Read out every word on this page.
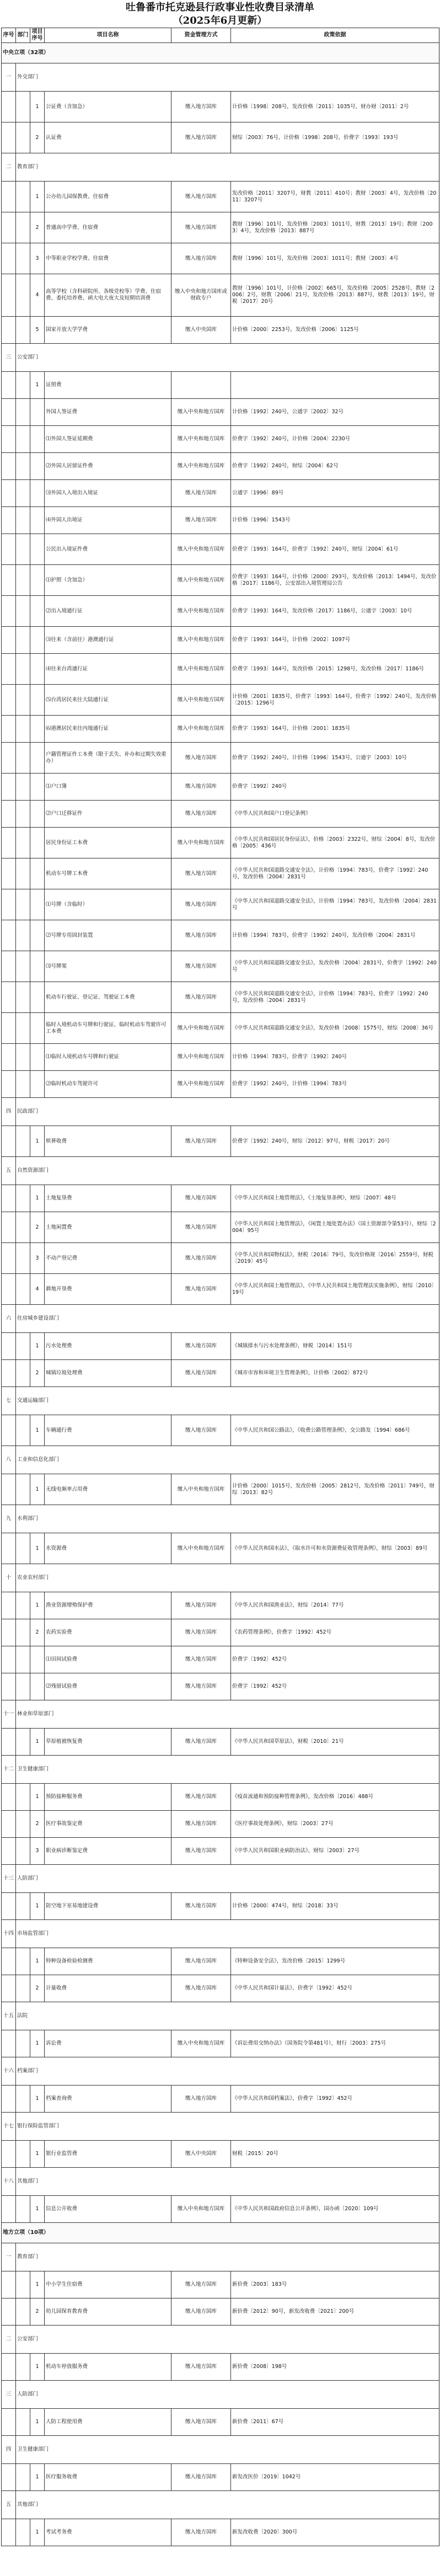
吐鲁番市托克逊县行政事业性收费目录清单
（2025年6月更新）
序号	部门	项目序号	项目名称	资金管理方式	政策依据
中央立项（32项）					
一	外交部门				
		1	公证费（含加急）	缴入地方国库	计价格〔1998〕208号，发改价格〔2011〕1035号，财办财〔2011〕2号
		2	认证费	缴入地方国库	财综〔2003〕76号，计价格〔1998〕208号，价费字〔1993〕193号
二	教育部门				
		1	公办幼儿园保教费、住宿费	缴入地方国库	发改价格〔2011〕3207号，财教〔2011〕410号；教财〔2003〕4号，发改价格〔2011〕3207号
		2	普通高中学费、住宿费	缴入地方国库	教财〔1996〕101号，发改价格〔2003〕1011号，财教〔2013〕19号；教财〔2003〕4号，发改价格〔2013〕887号
		3	中等职业学校学费、住宿费	缴入地方国库	教财〔1996〕101号，发改价格〔2003〕1011号；教财〔2003〕4号
		4	高等学校（含科研院所、各级党校等）学费、住宿费、委托培养费、函大电大夜大及短期培训费	缴入中央和地方国库或财政专户	教财〔1996〕101号，计价格〔2002〕665号，发改价格〔2005〕2528号，教财〔2006〕2号，财教〔2006〕21号，发改价格〔2013〕887号，财教〔2013〕19号，财税〔2017〕20号
		5	国家开放大学学费	缴入中央国库	计价格〔2000〕2253号，发改价格〔2006〕1125号
三	公安部门				
		1	证照费		
			外国人签证费	缴入中央和地方国库	计价格〔1992〕240号，公通字〔2002〕32号
			⑴外国人签证延期费	缴入中央和地方国库	价费字〔1992〕240号，计价格〔2004〕2230号
			⑵外国人居留证件费	缴入中央和地方国库	价费字〔1992〕240号，财综〔2004〕62号
			⑶外国人入境出入境证	缴入地方国库	公通字〔1996〕89号
			⑷外国人出境证	缴入地方国库	计价格〔1996〕1543号
			公民出入境证件费	缴入中央和地方国库	价费字〔1993〕164号，价费字〔1992〕240号，财综〔2004〕61号
			⑴护照（含加急）	缴入中央和地方国库	价费字〔1993〕164号，计价格〔2000〕293号，发改价格〔2013〕1494号，发改价格〔2017〕1186号，公安部出入境管理局公告
			⑵出入境通行证	缴入中央和地方国库	价费字〔1993〕164号，发改价格〔2017〕1186号，公通字〔2003〕10号
			⑶往来（含前往）港澳通行证	缴入中央和地方国库	价费字〔1993〕164号，计价格〔2002〕1097号
			⑷往来台湾通行证	缴入中央和地方国库	价费字〔1993〕164号，发改价格〔2015〕1298号，发改价格〔2017〕1186号
			⑸台湾居民来往大陆通行证	缴入中央和地方国库	计价格〔2001〕1835号，价费字〔1993〕164号，价费字〔1992〕240号，发改价格〔2015〕1296号
			⑹港澳居民来往内地通行证	缴入中央和地方国库	价费字〔1993〕164号，计价格〔2001〕1835号
			户籍管理证件工本费（限于丢失、补办和过期失效重办）	缴入地方国库	价费字〔1992〕240号，计价格〔1996〕1543号，公通字〔2003〕10号
			⑴户口簿	缴入地方国库	价费字〔1992〕240号
			⑵户口迁移证件	缴入地方国库	《中华人民共和国户口登记条例》
			居民身份证工本费	缴入中央和地方国库	《中华人民共和国居民身份证法》，价格〔2003〕2322号，财综〔2004〕8号，发改价格〔2005〕436号
			机动车号牌工本费	缴入地方国库	《中华人民共和国道路交通安全法》，计价格〔1994〕783号，价费字〔1992〕240号，发改价格〔2004〕2831号
			⑴号牌（含临时）	缴入地方国库	《中华人民共和国道路交通安全法》，计价格〔1994〕783号，发改价格〔2004〕2831号
			⑵号牌专用固封装置	缴入地方国库	计价格〔1994〕783号，价费字〔1992〕240号，发改价格〔2004〕2831号
			⑶号牌架	缴入地方国库	《中华人民共和国道路交通安全法》，发改价格〔2004〕2831号，价费字〔1992〕240号
			机动车行驶证、登记证、驾驶证工本费	缴入地方国库	《中华人民共和国道路交通安全法》，计价格〔1994〕783号，价费字〔1992〕240号，发改价格〔2004〕2831号
			临时入境机动车号牌和行驶证、临时机动车驾驶许可工本费	缴入中央和地方国库	《中华人民共和国道路交通安全法》，发改价格〔2008〕1575号，财综〔2008〕36号
			⑴临时入境机动车号牌和行驶证	缴入中央和地方国库	计价格〔1994〕783号，价费字〔1992〕240号
			⑵临时机动车驾驶许可	缴入中央和地方国库	价费字〔1992〕240号，计价格〔1994〕783号
四	民政部门				
		1	殡葬收费	缴入地方国库	价费字〔1992〕240号，财综〔2012〕97号，财税〔2017〕20号
五	自然资源部门				
		1	土地复垦费	缴入地方国库	《中华人民共和国土地管理法》，《土地复垦条例》，财综〔2007〕48号
		2	土地闲置费	缴入地方国库	《中华人民共和国土地管理法》，《闲置土地处置办法》（国土资源部令第53号），财综〔2004〕95号
		3	不动产登记费	缴入地方国库	《中华人民共和国物权法》，财税〔2016〕79号，发改价格规〔2016〕2559号，财税〔2019〕45号
		4	耕地开垦费	缴入地方国库	《中华人民共和国土地管理法》，《中华人民共和国土地管理法实施条例》，财综〔2010〕19号
六	住房城乡建设部门				
		1	污水处理费	缴入地方国库	《城镇排水与污水处理条例》，财税〔2014〕151号
		2	城镇垃圾处理费	缴入地方国库	《城市市容和环境卫生管理条例》，计价格〔2002〕872号
七	交通运输部门				
		1	车辆通行费	缴入地方国库	《中华人民共和国公路法》，《收费公路管理条例》，交公路发〔1994〕686号
八	工业和信息化部门				
		1	无线电频率占用费	缴入中央和地方国库	计价格〔2000〕1015号，发改价格〔2005〕2812号，发改价格〔2011〕749号，财综〔2013〕82号
九	水利部门				
		1	水资源费	缴入中央和地方国库	《中华人民共和国水法》，《取水许可和水资源费征收管理条例》，财综〔2003〕89号
十	农业农村部门				
		1	渔业资源增殖保护费	缴入地方国库	《中华人民共和国渔业法》，财综〔2014〕77号
		2	农药实验费	缴入地方国库	《农药管理条例》，价费字〔1992〕452号
			⑴田间试验费	缴入地方国库	价费字〔1992〕452号
			⑵残留试验费	缴入地方国库	价费字〔1992〕452号
十一	林业和草原部门				
		1	草原植被恢复费	缴入地方国库	《中华人民共和国草原法》，财税〔2010〕21号
十二	卫生健康部门				
		1	预防接种服务费	缴入地方国库	《疫苗流通和预防接种管理条例》，发改价格〔2016〕488号
		2	医疗事故鉴定费	缴入地方国库	《医疗事故处理条例》，财综〔2003〕27号
		3	职业病诊断鉴定费	缴入地方国库	《中华人民共和国职业病防治法》，财综〔2003〕27号
十三	人防部门				
		1	防空地下室易地建设费	缴入地方国库	计价格〔2000〕474号，财综〔2018〕33号
十四	市场监管部门				
		1	特种设备检验检测费	缴入地方国库	《特种设备安全法》，发改价格〔2015〕1299号
		2	计量收费	缴入地方国库	《中华人民共和国计量法》，价费字〔1992〕452号
十五	法院				
		1	诉讼费	缴入中央和地方国库	《诉讼费用交纳办法》（国务院令第481号），财行〔2003〕275号
十六	档案部门				
		1	档案查询费	缴入地方国库	《中华人民共和国档案法》，价费字〔1992〕452号
十七	银行保险监管部门				
		1	银行业监管费	缴入中央国库	财税〔2015〕20号
十八	其他部门				
		1	信息公开收费	缴入中央和地方国库	《中华人民共和国政府信息公开条例》，国办函〔2020〕109号
地方立项（10项）					
一	教育部门				
		1	中小学生住宿费	缴入地方国库	新价费〔2003〕183号
		2	幼儿园保育教育费	缴入地方国库	新价费〔2012〕90号，新发改收费〔2021〕200号
二	公安部门				
		1	机动车停放服务费	缴入地方国库	新价费〔2008〕198号
三	人防部门				
		1	人防工程使用费	缴入地方国库	新价费〔2011〕67号
四	卫生健康部门				
		1	医疗服务收费	缴入地方国库	新发改医价〔2019〕1042号
五	其他部门				
		1	考试考务费	缴入地方国库	新发改收费〔2020〕300号
